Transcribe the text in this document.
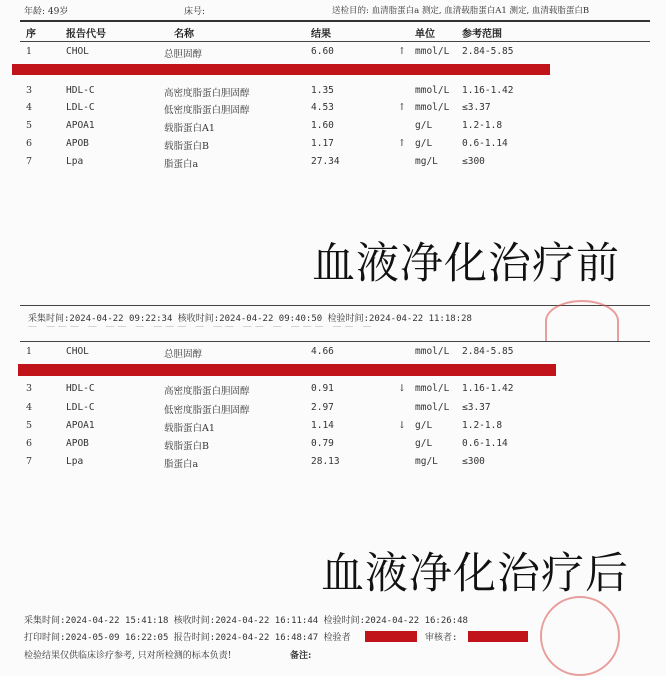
年龄: 49岁	床号:	送检目的: 血清脂蛋白a 测定, 血清载脂蛋白A1 测定, 血清载脂蛋白B
序	报告代号	名称	结果	单位	参考范围
血液净化治疗前
采集时间:2024-04-22 09:22:34 核收时间:2024-04-22 09:40:50 检验时间:2024-04-22 11:18:28
— ——— — —— — ——— — —— —— — ——— —— —
血液净化治疗后
采集时间:2024-04-22 15:41:18 核收时间:2024-04-22 16:11:44 检验时间:2024-04-22 16:26:48
打印时间:2024-05-09 16:22:05 报告时间:2024-04-22 16:48:47 检验者	审核者:
检验结果仅供临床诊疗参考, 只对所检测的标本负责!	备注:
1	CHOL	总胆固醇	6.60	↑ mmol/L 2.84-5.85
3	HDL-C	高密度脂蛋白胆固醇	1.35	mmol/L 1.16-1.42
4	LDL-C	低密度脂蛋白胆固醇	4.53	↑ mmol/L ≤3.37
5	APOA1	载脂蛋白A1	1.60	g/L	1.2-1.8
6	APOB	载脂蛋白B	1.17	↑ g/L	0.6-1.14
7	Lpa	脂蛋白a	27.34	mg/L	≤300
1	CHOL	总胆固醇	4.66	mmol/L 2.84-5.85
3	HDL-C	高密度脂蛋白胆固醇	0.91	↓ mmol/L 1.16-1.42
4	LDL-C	低密度脂蛋白胆固醇	2.97	mmol/L ≤3.37
5	APOA1	载脂蛋白A1	1.14	↓ g/L	1.2-1.8
6	APOB	载脂蛋白B	0.79	g/L	0.6-1.14
7	Lpa	脂蛋白a	28.13	mg/L	≤300
